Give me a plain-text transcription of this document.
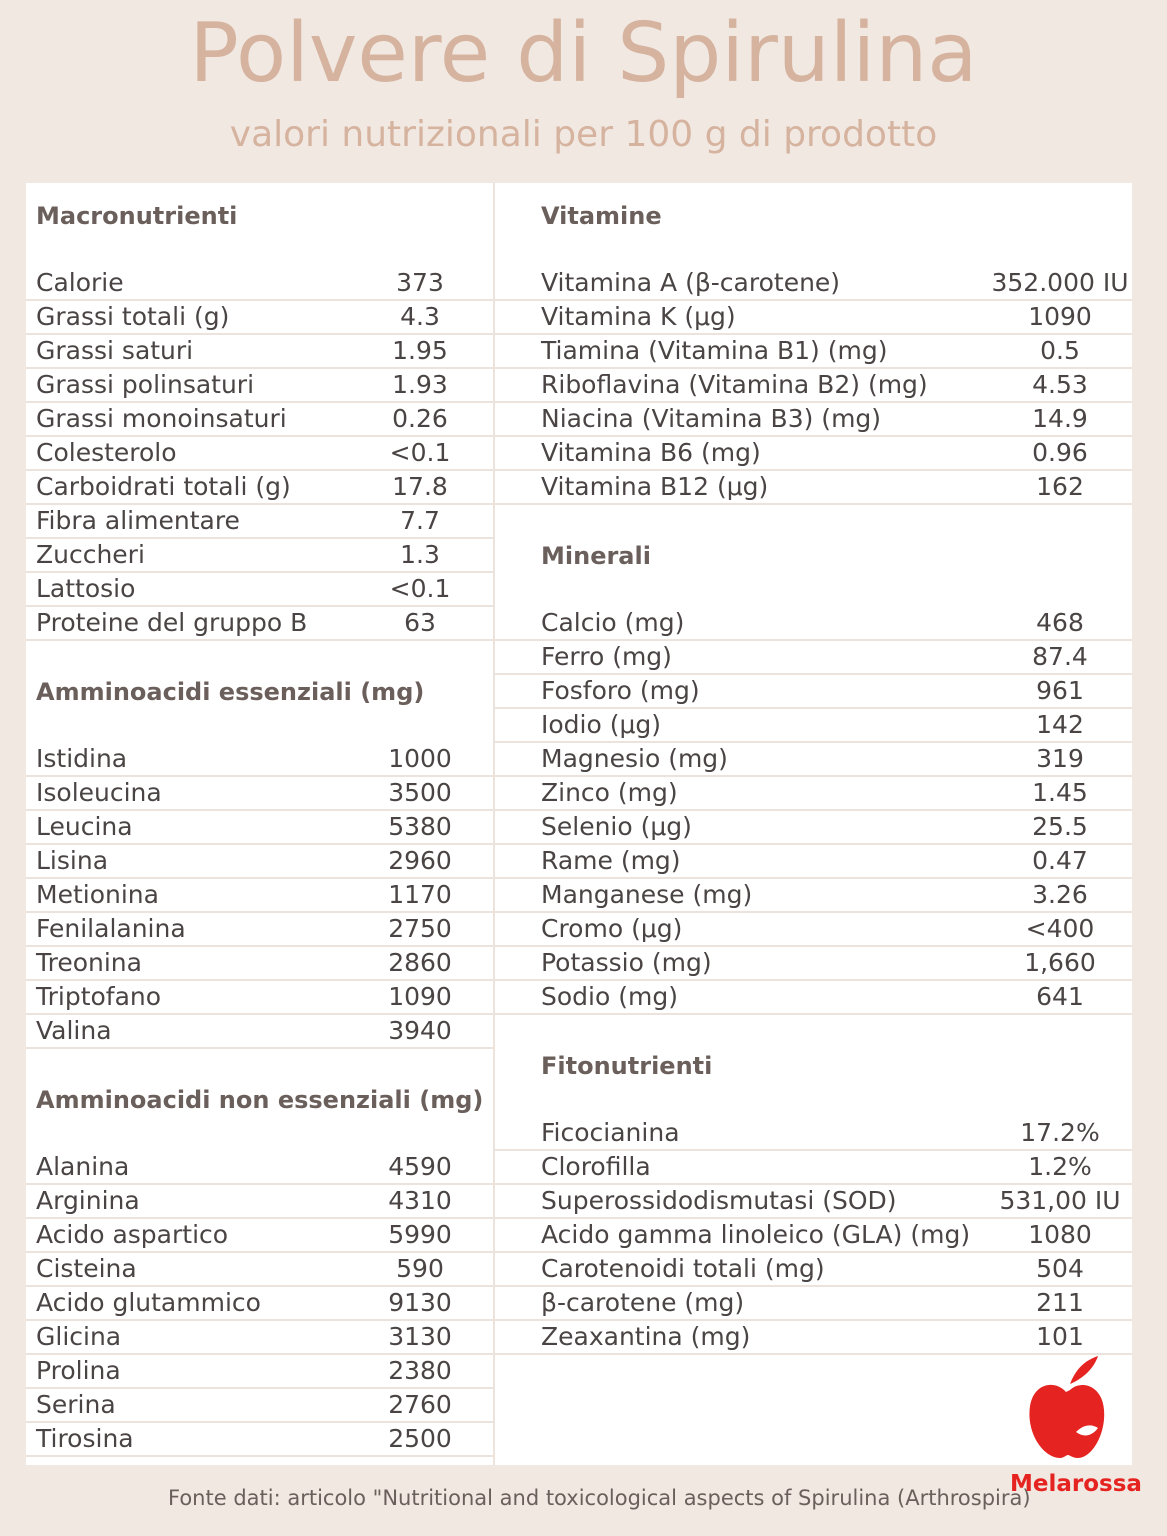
Polvere di Spirulina
valori nutrizionali per 100 g di prodotto
Macronutrienti
Calorie	373
Grassi totali (g)	4.3
Grassi saturi	1.95
Grassi polinsaturi	1.93
Grassi monoinsaturi	0.26
Colesterolo	<0.1
Carboidrati totali (g)	17.8
Fibra alimentare	7.7
Zuccheri	1.3
Lattosio	<0.1
Proteine del gruppo B	63
Amminoacidi essenziali (mg)
Istidina	1000
Isoleucina	3500
Leucina	5380
Lisina	2960
Metionina	1170
Fenilalanina	2750
Treonina	2860
Triptofano	1090
Valina	3940
Amminoacidi non essenziali (mg)
Alanina	4590
Arginina	4310
Acido aspartico	5990
Cisteina	590
Acido glutammico	9130
Glicina	3130
Prolina	2380
Serina	2760
Tirosina	2500
Vitamine
Vitamina A (β-carotene)	352.000 IU
Vitamina K (μg)	1090
Tiamina (Vitamina B1) (mg)	0.5
Riboflavina (Vitamina B2) (mg)	4.53
Niacina (Vitamina B3) (mg)	14.9
Vitamina B6 (mg)	0.96
Vitamina B12 (μg)	162
Minerali
Calcio (mg)	468
Ferro (mg)	87.4
Fosforo (mg)	961
Iodio (μg)	142
Magnesio (mg)	319
Zinco (mg)	1.45
Selenio (μg)	25.5
Rame (mg)	0.47
Manganese (mg)	3.26
Cromo (μg)	<400
Potassio (mg)	1,660
Sodio (mg)	641
Fitonutrienti
Ficocianina	17.2%
Clorofilla	1.2%
Superossidodismutasi (SOD)	531,00 IU
Acido gamma linoleico (GLA) (mg)	1080
Carotenoidi totali (mg)	504
β-carotene (mg)	211
Zeaxantina (mg)	101
Fonte dati: articolo "Nutritional and toxicological aspects of Spirulina (Arthrospira)
Melarossa
